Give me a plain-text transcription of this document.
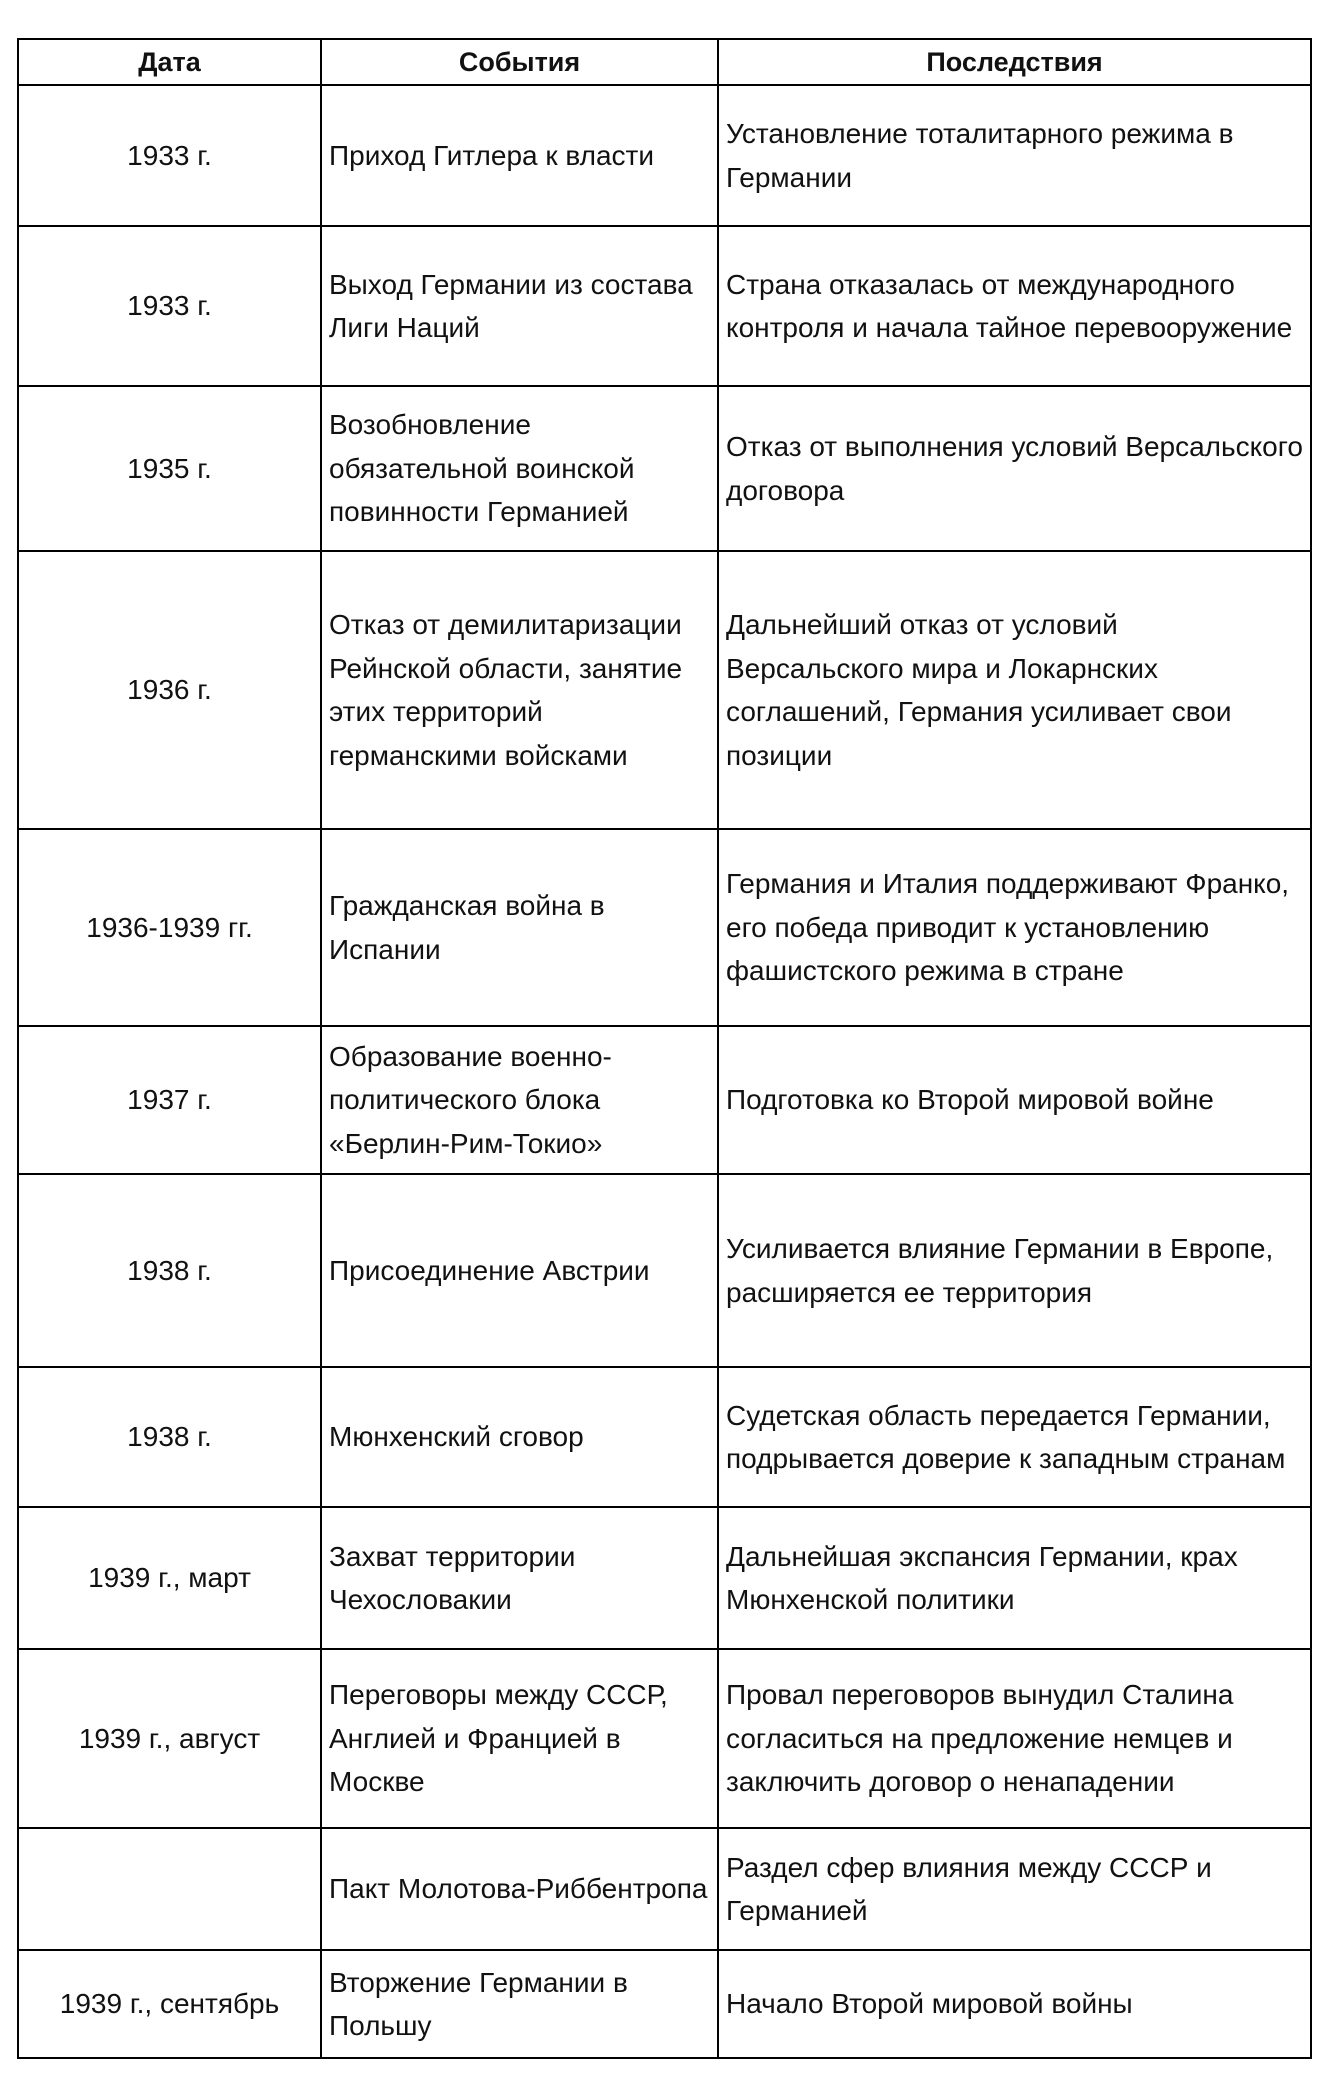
Дата	События	Последствия
1933 г.	Приход Гитлера к власти	Установление тоталитарного режима в Германии
1933 г.	Выход Германии из состава Лиги Наций	Страна отказалась от международного контроля и начала тайное перевооружение
1935 г.	Возобновление обязательной воинской повинности Германией	Отказ от выполнения условий Версальского договора
1936 г.	Отказ от демилитаризации Рейнской области, занятие этих территорий германскими войсками	Дальнейший отказ от условий Версальского мира и Локарнских соглашений, Германия усиливает свои позиции
1936-1939 гг.	Гражданская война в Испании	Германия и Италия поддерживают Франко, его победа приводит к установлению фашистского режима в стране
1937 г.	Образование военно-политического блока «Берлин-Рим-Токио»	Подготовка ко Второй мировой войне
1938 г.	Присоединение Австрии	Усиливается влияние Германии в Европе, расширяется ее территория
1938 г.	Мюнхенский сговор	Судетская область передается Германии, подрывается доверие к западным странам
1939 г., март	Захват территории Чехословакии	Дальнейшая экспансия Германии, крах Мюнхенской политики
1939 г., август	Переговоры между СССР, Англией и Францией в Москве	Провал переговоров вынудил Сталина согласиться на предложение немцев и заключить договор о ненападении
	Пакт Молотова-Риббентропа	Раздел сфер влияния между СССР и Германией
1939 г., сентябрь	Вторжение Германии в Польшу	Начало Второй мировой войны
